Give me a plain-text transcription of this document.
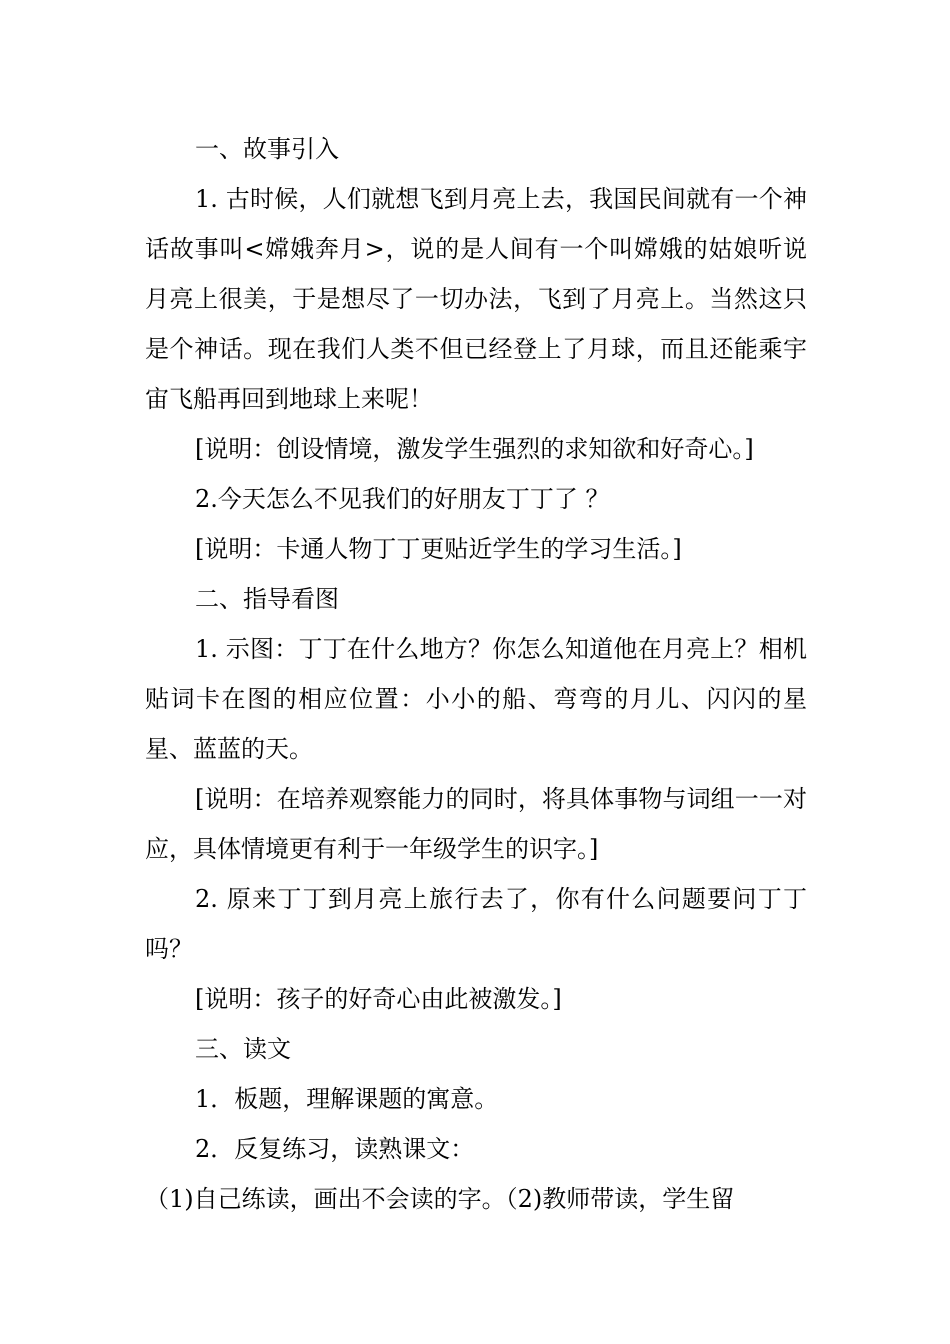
一、故事引入

1. 古时候，人们就想飞到月亮上去，我国民间就有一个神话故事叫<嫦娥奔月>，说的是人间有一个叫嫦娥的姑娘听说月亮上很美，于是想尽了一切办法，飞到了月亮上。当然这只是个神话。现在我们人类不但已经登上了月球，而且还能乘宇宙飞船再回到地球上来呢！

[说明：创设情境，激发学生强烈的求知欲和好奇心。]

2.今天怎么不见我们的好朋友丁丁了 ？

[说明：卡通人物丁丁更贴近学生的学习生活。]

二、指导看图

1. 示图：丁丁在什么地方？你怎么知道他在月亮上？相机贴词卡在图的相应位置：小小的船、弯弯的月儿、闪闪的星星、蓝蓝的天。

[说明：在培养观察能力的同时，将具体事物与词组一一对应，具体情境更有利于一年级学生的识字。]

2. 原来丁丁到月亮上旅行去了，你有什么问题要问丁丁吗？

[说明：孩子的好奇心由此被激发。]

三、读文

1．板题，理解课题的寓意。

2．反复练习，读熟课文：

（1)自己练读，画出不会读的字。（2)教师带读，学生留
